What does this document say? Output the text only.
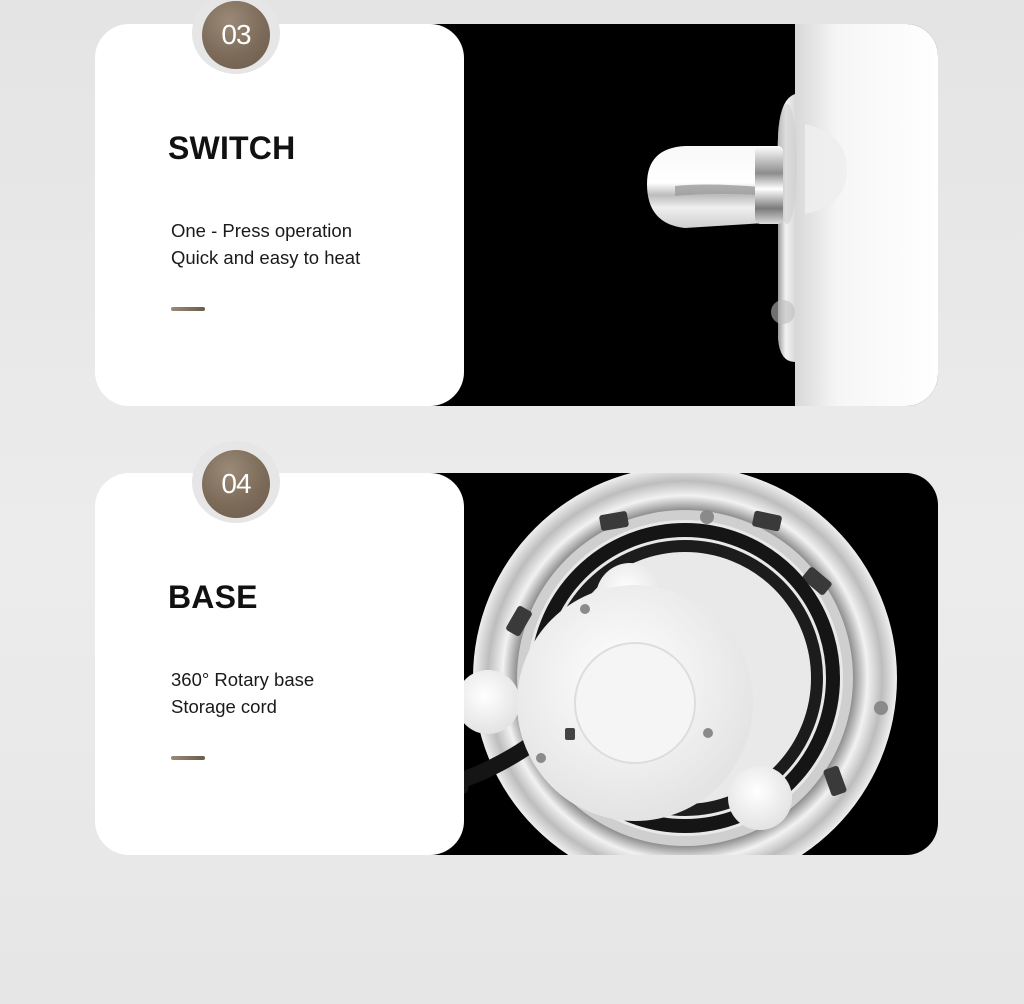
03
SWITCH
One - Press operation
Quick and easy to heat
04
BASE
360° Rotary base
Storage cord
